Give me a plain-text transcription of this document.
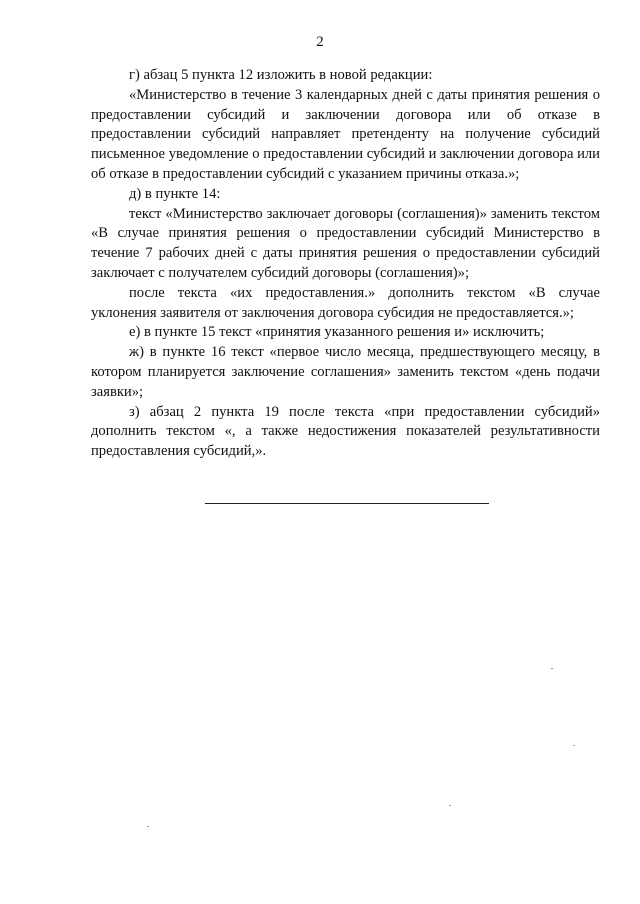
2

г) абзац 5 пункта 12 изложить в новой редакции:

«Министерство в течение 3 календарных дней с даты принятия решения о предоставлении субсидий и заключении договора или об отказе в предоставлении субсидий направляет претенденту на получение субсидий письменное уведомление о предоставлении субсидий и заключении договора или об отказе в предоставлении субсидий с указанием причины отказа.»;

д) в пункте 14:

текст «Министерство заключает договоры (соглашения)» заменить текстом «В случае принятия решения о предоставлении субсидий Министерство в течение 7 рабочих дней с даты принятия решения о предоставлении субсидий заключает с получателем субсидий договоры (соглашения)»;

после текста «их предоставления.» дополнить текстом «В случае уклонения заявителя от заключения договора субсидия не предоставляется.»;

е) в пункте 15 текст «принятия указанного решения и» исключить;

ж) в пункте 16 текст «первое число месяца, предшествующего месяцу, в котором планируется заключение соглашения» заменить текстом «день подачи заявки»;

з) абзац 2 пункта 19 после текста «при предоставлении субсидий» дополнить текстом «, а также недостижения показателей результативности предоставления субсидий,».
